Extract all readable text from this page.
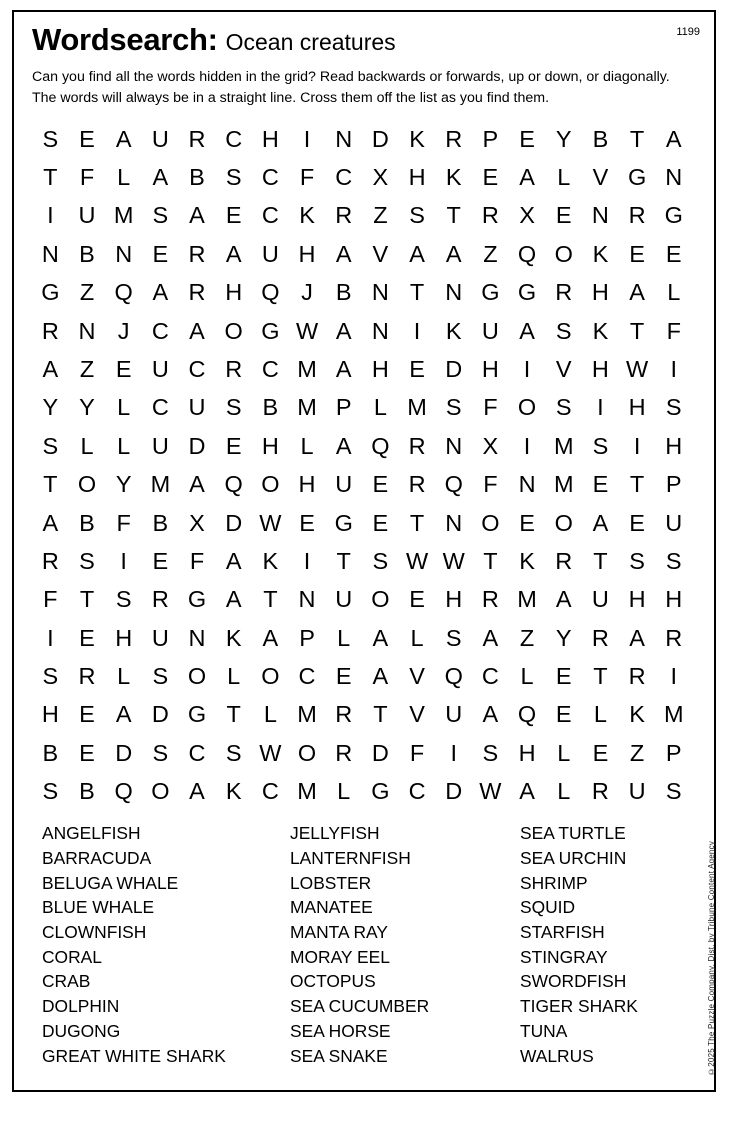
1199
Wordsearch: Ocean creatures
Can you find all the words hidden in the grid? Read backwards or forwards, up or down, or diagonally. The words will always be in a straight line. Cross them off the list as you find them.
S E A U R C H	I	N D K R P E Y B T A
T F L A B S C F C X H K E A L V G N
I	U M S A E C K R Z S T R X E N R G
N B N E R A U H A V A A Z Q O K E E
G Z Q A R H Q J B N T N G G R H A L
R N J C A O G W A N	I	K U A S K T F
A Z E U C R C M A H E D H	I	V H W I
Y Y L C U S B M P L M S F O S	I	H S
S L	L U D E H L A Q R N X	I	M S	I	H
T O Y M A Q O H U E R Q F N M E T P
A B F B X D W E G E T N O E O A E U
R S	I	E F A K	I	T S W W T K R T S S
F T S R G A T N U O E H R M A U H H
I	E H U N K A P L A L S A Z Y R A R
S R L S O L O C E A V Q C L E T R	I
H E A D G T L M R T V U A Q E L K M
B E D S C S W O R D F	I	S H L E Z P
S B Q O A K C M L G C D W A L R U S
ANGELFISH
BARRACUDA
BELUGA WHALE
BLUE WHALE
CLOWNFISH
CORAL
CRAB
DOLPHIN
DUGONG
GREAT WHITE SHARK
JELLYFISH
LANTERNFISH
LOBSTER
MANATEE
MANTA RAY
MORAY EEL
OCTOPUS
SEA CUCUMBER
SEA HORSE
SEA SNAKE
SEA TURTLE
SEA URCHIN
SHRIMP
SQUID
STARFISH
STINGRAY
SWORDFISH
TIGER SHARK
TUNA
WALRUS	©2025 The Puzzle Company. Dist. by Tribune Content Agency
